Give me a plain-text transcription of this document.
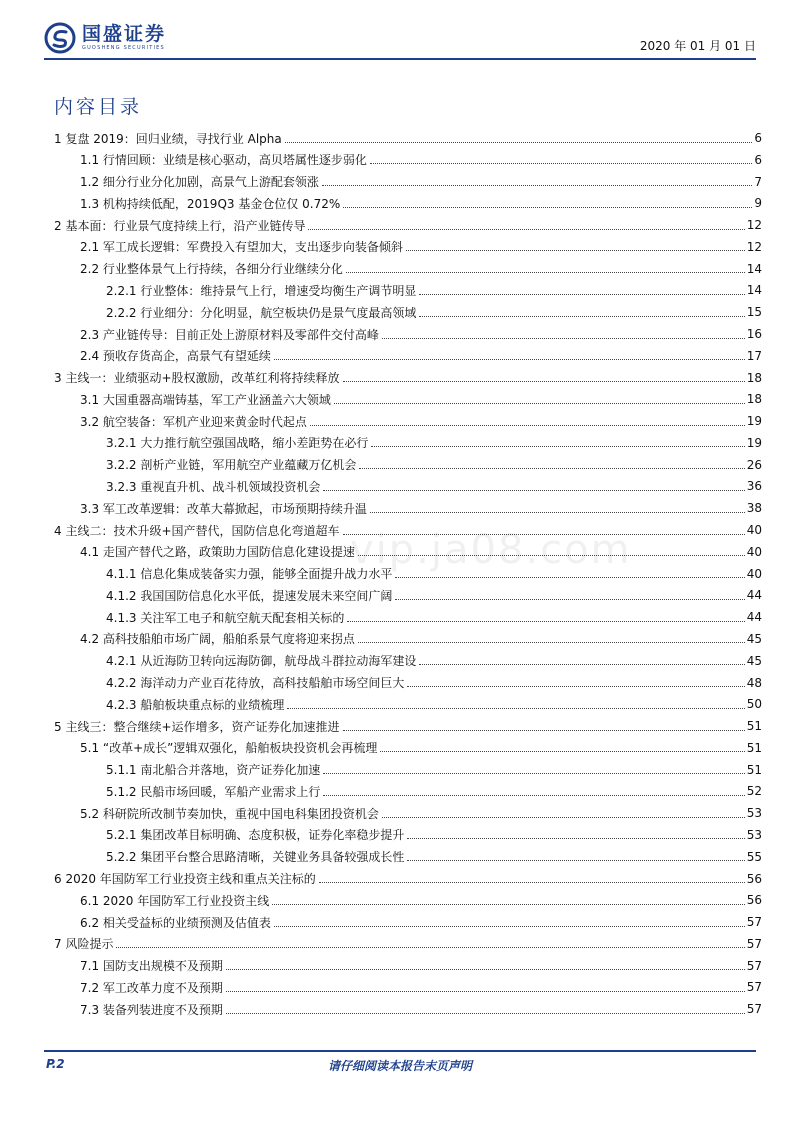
国盛证券
GUOSHENG SECURITIES	2020 年 01 月 01 日
内容目录
vip.ja08.com
1 复盘 2019：回归业绩，寻找行业 Alpha	6
1.1 行情回顾：业绩是核心驱动，高贝塔属性逐步弱化	6
1.2 细分行业分化加剧，高景气上游配套领涨	7
1.3 机构持续低配，2019Q3 基金仓位仅 0.72%	9
2 基本面：行业景气度持续上行，沿产业链传导	12
2.1 军工成长逻辑：军费投入有望加大，支出逐步向装备倾斜	12
2.2 行业整体景气上行持续，各细分行业继续分化	14
2.2.1 行业整体：维持景气上行，增速受均衡生产调节明显	14
2.2.2 行业细分：分化明显，航空板块仍是景气度最高领域	15
2.3 产业链传导：目前正处上游原材料及零部件交付高峰	16
2.4 预收存货高企，高景气有望延续	17
3 主线一：业绩驱动+股权激励，改革红利将持续释放	18
3.1 大国重器高端铸基，军工产业涵盖六大领域	18
3.2 航空装备：军机产业迎来黄金时代起点	19
3.2.1 大力推行航空强国战略，缩小差距势在必行	19
3.2.2 剖析产业链，军用航空产业蕴藏万亿机会	26
3.2.3 重视直升机、战斗机领域投资机会	36
3.3 军工改革逻辑：改革大幕掀起，市场预期持续升温	38
4 主线二：技术升级+国产替代，国防信息化弯道超车	40
4.1 走国产替代之路，政策助力国防信息化建设提速	40
4.1.1 信息化集成装备实力强，能够全面提升战力水平	40
4.1.2 我国国防信息化水平低，提速发展未来空间广阔	44
4.1.3 关注军工电子和航空航天配套相关标的	44
4.2 高科技船舶市场广阔，船舶系景气度将迎来拐点	45
4.2.1 从近海防卫转向远海防御，航母战斗群拉动海军建设	45
4.2.2 海洋动力产业百花待放，高科技船舶市场空间巨大	48
4.2.3 船舶板块重点标的业绩梳理	50
5 主线三：整合继续+运作增多，资产证券化加速推进	51
5.1 “改革+成长”逻辑双强化，船舶板块投资机会再梳理	51
5.1.1 南北船合并落地，资产证券化加速	51
5.1.2 民船市场回暖，军船产业需求上行	52
5.2 科研院所改制节奏加快，重视中国电科集团投资机会	53
5.2.1 集团改革目标明确、态度积极，证券化率稳步提升	53
5.2.2 集团平台整合思路清晰，关键业务具备较强成长性	55
6 2020 年国防军工行业投资主线和重点关注标的	56
6.1 2020 年国防军工行业投资主线	56
6.2 相关受益标的业绩预测及估值表	57
7 风险提示	57
7.1 国防支出规模不及预期	57
7.2 军工改革力度不及预期	57
7.3 装备列装进度不及预期	57
P.2	请仔细阅读本报告末页声明
